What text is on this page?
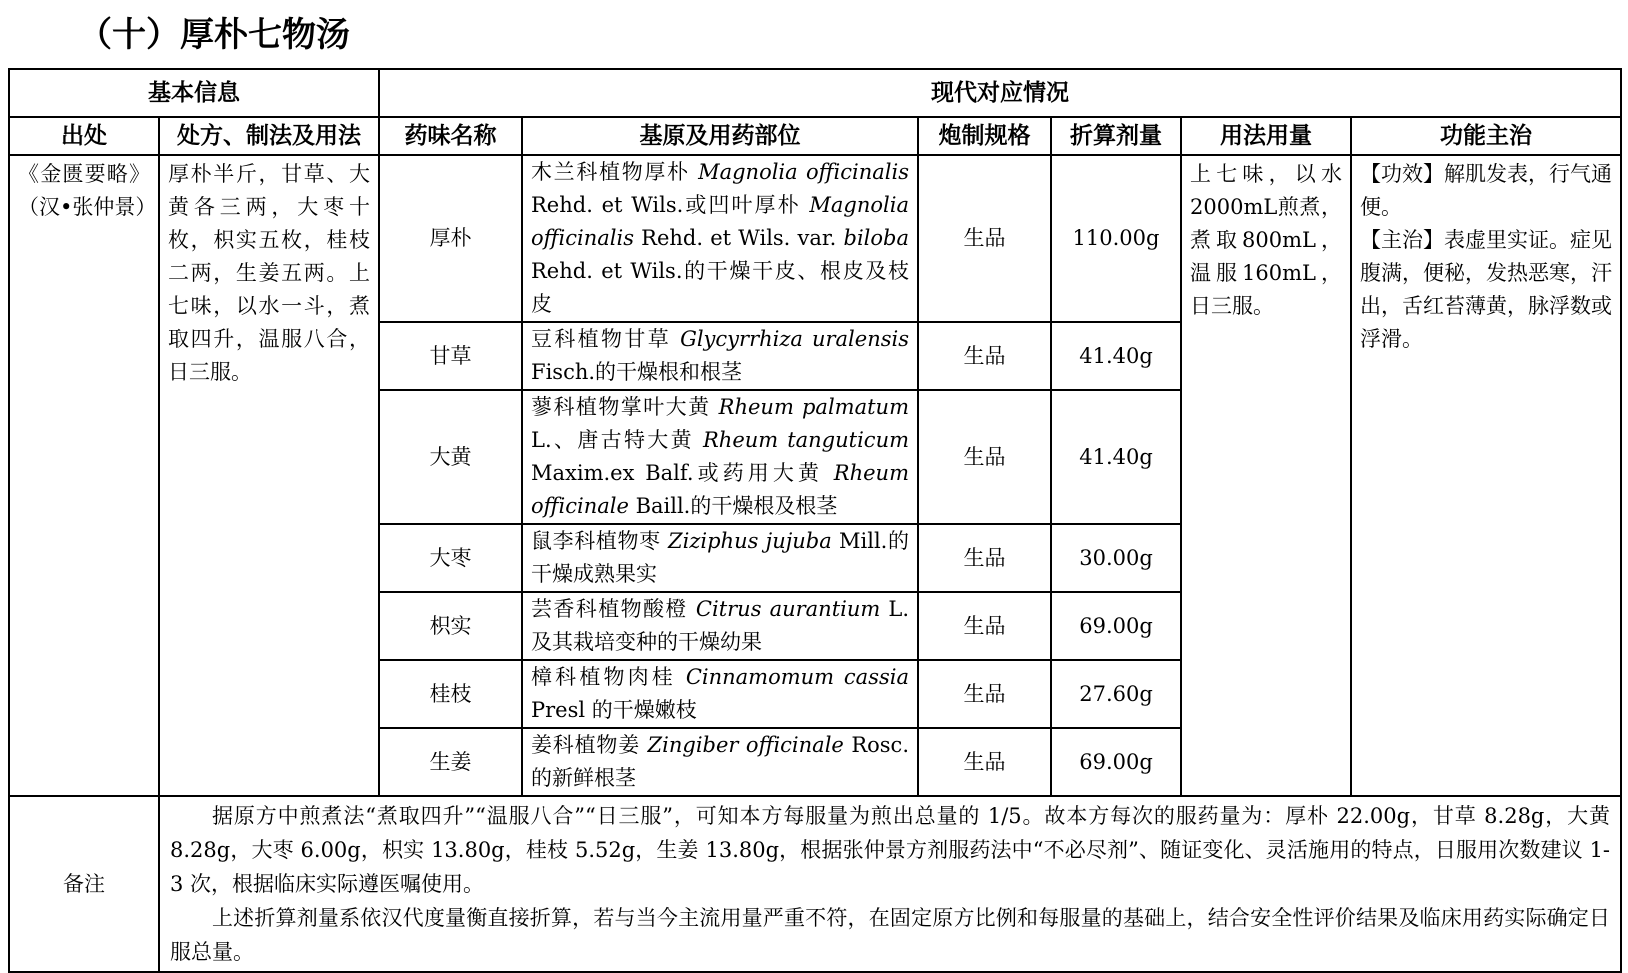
（十）厚朴七物汤
基本信息		现代对应情况					
出处	处方、制法及用法	药味名称	基原及用药部位	炮制规格	折算剂量	用法用量	功能主治
《金匮要略》（汉•张仲景）	厚朴半斤，甘草、大黄各三两，大枣十枚，枳实五枚，桂枝二两，生姜五两。上七味，以水一斗，煮取四升，温服八合，日三服。	厚朴	木兰科植物厚朴 Magnolia officinalis Rehd. et Wils.或凹叶厚朴 Magnolia officinalis Rehd. et Wils. var. biloba Rehd. et Wils.的干燥干皮、根皮及枝皮	生品	110.00g	上七味，以水2000mL煎煮，煮取800mL，温服160mL，日三服。	【功效】解肌发表，行气通便。
【主治】表虚里实证。症见腹满，便秘，发热恶寒，汗出，舌红苔薄黄，脉浮数或浮滑。

		甘草	豆科植物甘草 Glycyrrhiza uralensis Fisch.的干燥根和根茎	生品	41.40g		
		大黄	蓼科植物掌叶大黄 Rheum palmatum L.、唐古特大黄 Rheum tanguticum Maxim.ex Balf.或药用大黄 Rheum officinale Baill.的干燥根及根茎	生品	41.40g		
		大枣	鼠李科植物枣 Ziziphus jujuba Mill.的干燥成熟果实	生品	30.00g		
		枳实	芸香科植物酸橙 Citrus aurantium L.及其栽培变种的干燥幼果	生品	69.00g		
		桂枝	樟科植物肉桂 Cinnamomum cassia Presl 的干燥嫩枝	生品	27.60g		
		生姜	姜科植物姜 Zingiber officinale Rosc.的新鲜根茎	生品	69.00g		
备注	据原方中煎煮法“煮取四升”“温服八合”“日三服”，可知本方每服量为煎出总量的 1/5。故本方每次的服药量为：厚朴 22.00g，甘草 8.28g，大黄 8.28g，大枣 6.00g，枳实 13.80g，桂枝 5.52g，生姜 13.80g，根据张仲景方剂服药法中“不必尽剂”、随证变化、灵活施用的特点，日服用次数建议 1-3 次，根据临床实际遵医嘱使用。

上述折算剂量系依汉代度量衡直接折算，若与当今主流用量严重不符，在固定原方比例和每服量的基础上，结合安全性评价结果及临床用药实际确定日服总量。						
